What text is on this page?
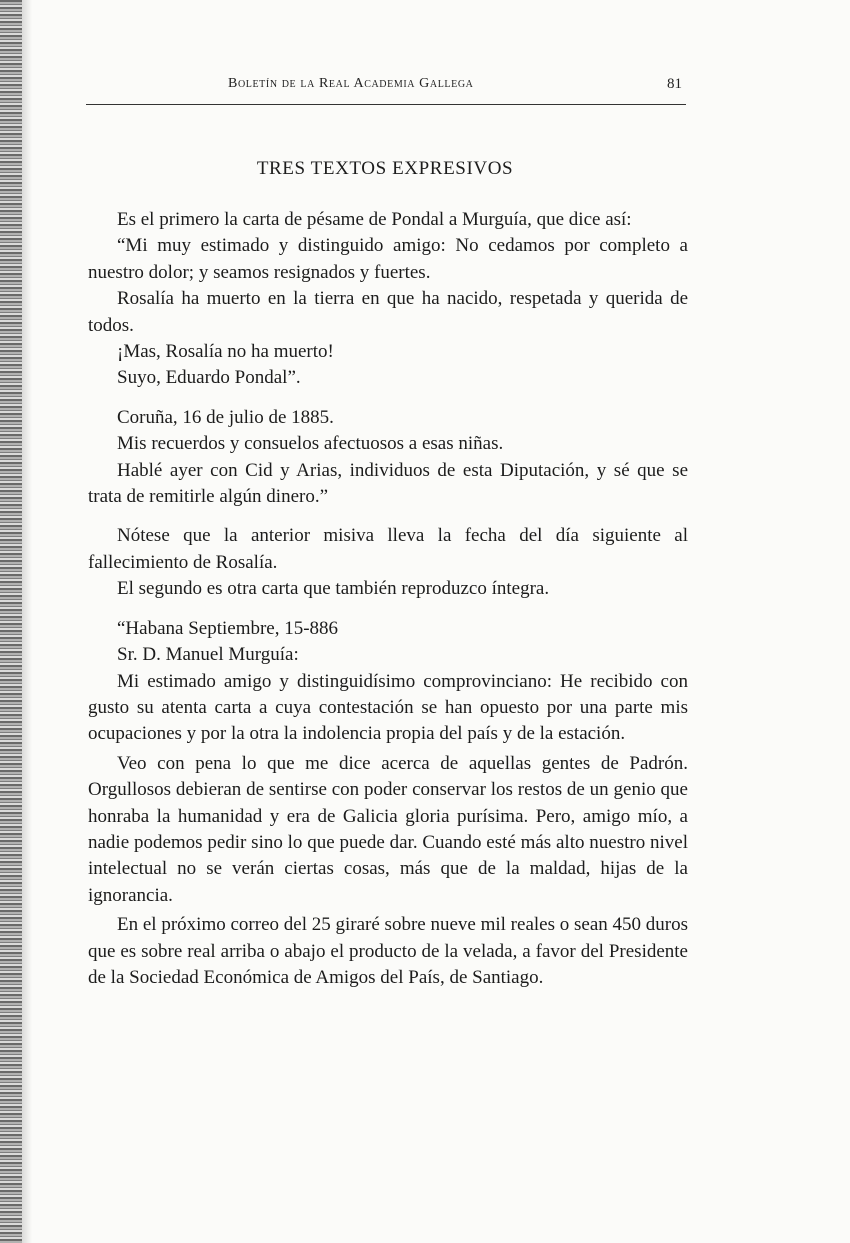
Boletín de la Real Academia Gallega	81
TRES TEXTOS EXPRESIVOS

Es el primero la carta de pésame de Pondal a Murguía, que dice así:

“Mi muy estimado y distinguido amigo: No cedamos por completo a nuestro dolor; y seamos resignados y fuertes.

Rosalía ha muerto en la tierra en que ha nacido, respetada y querida de todos.

¡Mas, Rosalía no ha muerto!

Suyo, Eduardo Pondal”.

Coruña, 16 de julio de 1885.

Mis recuerdos y consuelos afectuosos a esas niñas.

Hablé ayer con Cid y Arias, individuos de esta Diputación, y sé que se trata de remitirle algún dinero.”

Nótese que la anterior misiva lleva la fecha del día siguiente al fallecimiento de Rosalía.

El segundo es otra carta que también reproduzco íntegra.

“Habana Septiembre, 15-886

Sr. D. Manuel Murguía:

Mi estimado amigo y distinguidísimo comprovinciano: He recibido con gusto su atenta carta a cuya contestación se han opuesto por una parte mis ocupaciones y por la otra la indolencia propia del país y de la estación.

Veo con pena lo que me dice acerca de aquellas gentes de Padrón. Orgullosos debieran de sentirse con poder conservar los restos de un genio que honraba la humanidad y era de Galicia gloria purísima. Pero, amigo mío, a nadie podemos pedir sino lo que puede dar. Cuando esté más alto nuestro nivel intelectual no se verán ciertas cosas, más que de la maldad, hijas de la ignorancia.

En el próximo correo del 25 giraré sobre nueve mil reales o sean 450 duros que es sobre real arriba o abajo el producto de la velada, a favor del Presidente de la Sociedad Económica de Amigos del País, de Santiago.
